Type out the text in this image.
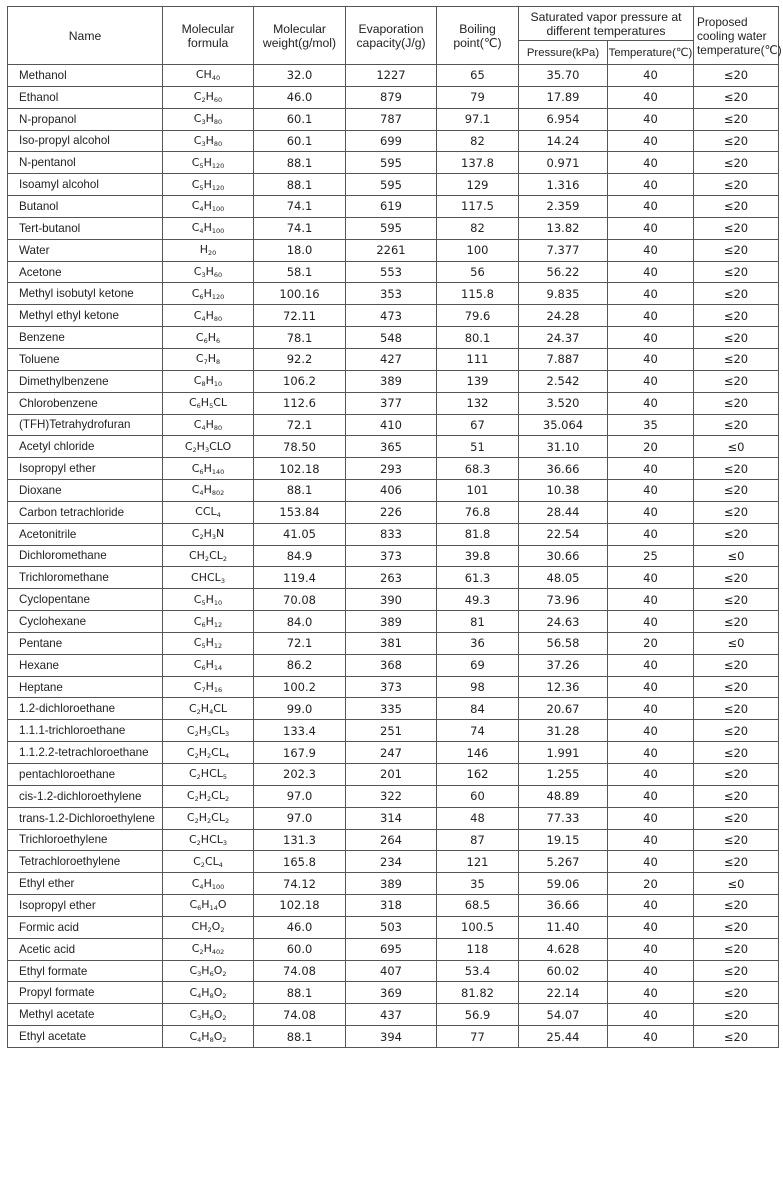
Name	Molecular formula	Molecular weight(g/mol)	Evaporation capacity(J/g)	Boiling point(℃)	Saturated vapor pressure at different temperatures		Proposed cooling water temperature(℃)
					Pressure(kPa)	Temperature(℃)	
Methanol	$CH_{40}$	32.0	1227	65	35.70	40	≤20
Ethanol	$C_2H_{60}$	46.0	879	79	17.89	40	≤20
N-propanol	$C_3H_{80}$	60.1	787	97.1	6.954	40	≤20
Iso-propyl alcohol	$C_3H_{80}$	60.1	699	82	14.24	40	≤20
N-pentanol	$C_5H_{120}$	88.1	595	137.8	0.971	40	≤20
Isoamyl alcohol	$C_5H_{120}$	88.1	595	129	1.316	40	≤20
Butanol	$C_4H_{100}$	74.1	619	117.5	2.359	40	≤20
Tert-butanol	$C_4H_{100}$	74.1	595	82	13.82	40	≤20
Water	$H_{20}$	18.0	2261	100	7.377	40	≤20
Acetone	$C_3H_{60}$	58.1	553	56	56.22	40	≤20
Methyl isobutyl ketone	$C_6H_{120}$	100.16	353	115.8	9.835	40	≤20
Methyl ethyl ketone	$C_4H_{80}$	72.11	473	79.6	24.28	40	≤20
Benzene	$C_6H_6$	78.1	548	80.1	24.37	40	≤20
Toluene	$C_7H_8$	92.2	427	111	7.887	40	≤20
Dimethylbenzene	$C_8H_{10}$	106.2	389	139	2.542	40	≤20
Chlorobenzene	$C_6H_5CL$	112.6	377	132	3.520	40	≤20
(TFH)Tetrahydrofuran	$C_4H_{80}$	72.1	410	67	35.064	35	≤20
Acetyl chloride	$C_2H_3CLO$	78.50	365	51	31.10	20	≤0
Isopropyl ether	$C_6H_{140}$	102.18	293	68.3	36.66	40	≤20
Dioxane	$C_4H_{802}$	88.1	406	101	10.38	40	≤20
Carbon tetrachloride	$CCL_4$	153.84	226	76.8	28.44	40	≤20
Acetonitrile	$C_2H_3N$	41.05	833	81.8	22.54	40	≤20
Dichloromethane	$CH_2CL_2$	84.9	373	39.8	30.66	25	≤0
Trichloromethane	$CHCL_3$	119.4	263	61.3	48.05	40	≤20
Cyclopentane	$C_5H_{10}$	70.08	390	49.3	73.96	40	≤20
Cyclohexane	$C_6H_{12}$	84.0	389	81	24.63	40	≤20
Pentane	$C_5H_{12}$	72.1	381	36	56.58	20	≤0
Hexane	$C_6H_{14}$	86.2	368	69	37.26	40	≤20
Heptane	$C_7H_{16}$	100.2	373	98	12.36	40	≤20
1.2-dichloroethane	$C_2H_4CL$	99.0	335	84	20.67	40	≤20
1.1.1-trichloroethane	$C_2H_3CL_3$	133.4	251	74	31.28	40	≤20
1.1.2.2-tetrachloroethane	$C_2H_2CL_4$	167.9	247	146	1.991	40	≤20
pentachloroethane	$C_2HCL_5$	202.3	201	162	1.255	40	≤20
cis-1.2-dichloroethylene	$C_2H_2CL_2$	97.0	322	60	48.89	40	≤20
trans-1.2-Dichloroethylene	$C_2H_2CL_2$	97.0	314	48	77.33	40	≤20
Trichloroethylene	$C_2HCL_3$	131.3	264	87	19.15	40	≤20
Tetrachloroethylene	$C_2CL_4$	165.8	234	121	5.267	40	≤20
Ethyl ether	$C_4H_{100}$	74.12	389	35	59.06	20	≤0
Isopropyl ether	$C_6H_{14}O$	102.18	318	68.5	36.66	40	≤20
Formic acid	$CH_2O_2$	46.0	503	100.5	11.40	40	≤20
Acetic acid	$C_2H_{402}$	60.0	695	118	4.628	40	≤20
Ethyl formate	$C_3H_6O_2$	74.08	407	53.4	60.02	40	≤20
Propyl formate	$C_4H_8O_2$	88.1	369	81.82	22.14	40	≤20
Methyl acetate	$C_3H_6O_2$	74.08	437	56.9	54.07	40	≤20
Ethyl acetate	$C_4H_8O_2$	88.1	394	77	25.44	40	≤20
